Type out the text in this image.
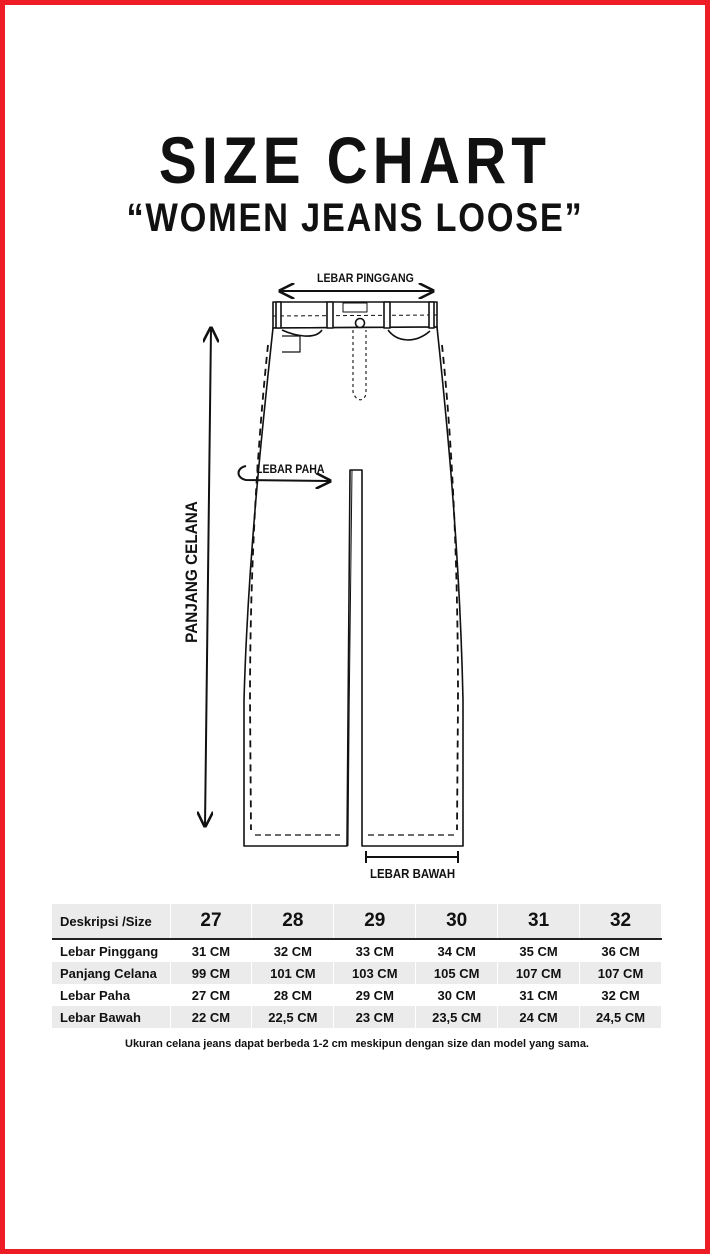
SIZE CHART
“WOMEN JEANS LOOSE”
LEBAR PINGGANG
LEBAR PAHA
LEBAR BAWAH
PANJANG CELANA
Deskripsi /Size	27	28	29	30	31	32
Lebar Pinggang	31 CM	32 CM	33 CM	34 CM	35 CM	36 CM
Panjang Celana	99 CM	101 CM	103 CM	105 CM	107 CM	107 CM
Lebar Paha	27 CM	28 CM	29 CM	30 CM	31 CM	32 CM
Lebar Bawah	22 CM	22,5 CM	23 CM	23,5 CM	24 CM	24,5 CM
Ukuran celana jeans dapat berbeda 1-2 cm meskipun dengan size dan model yang sama.
